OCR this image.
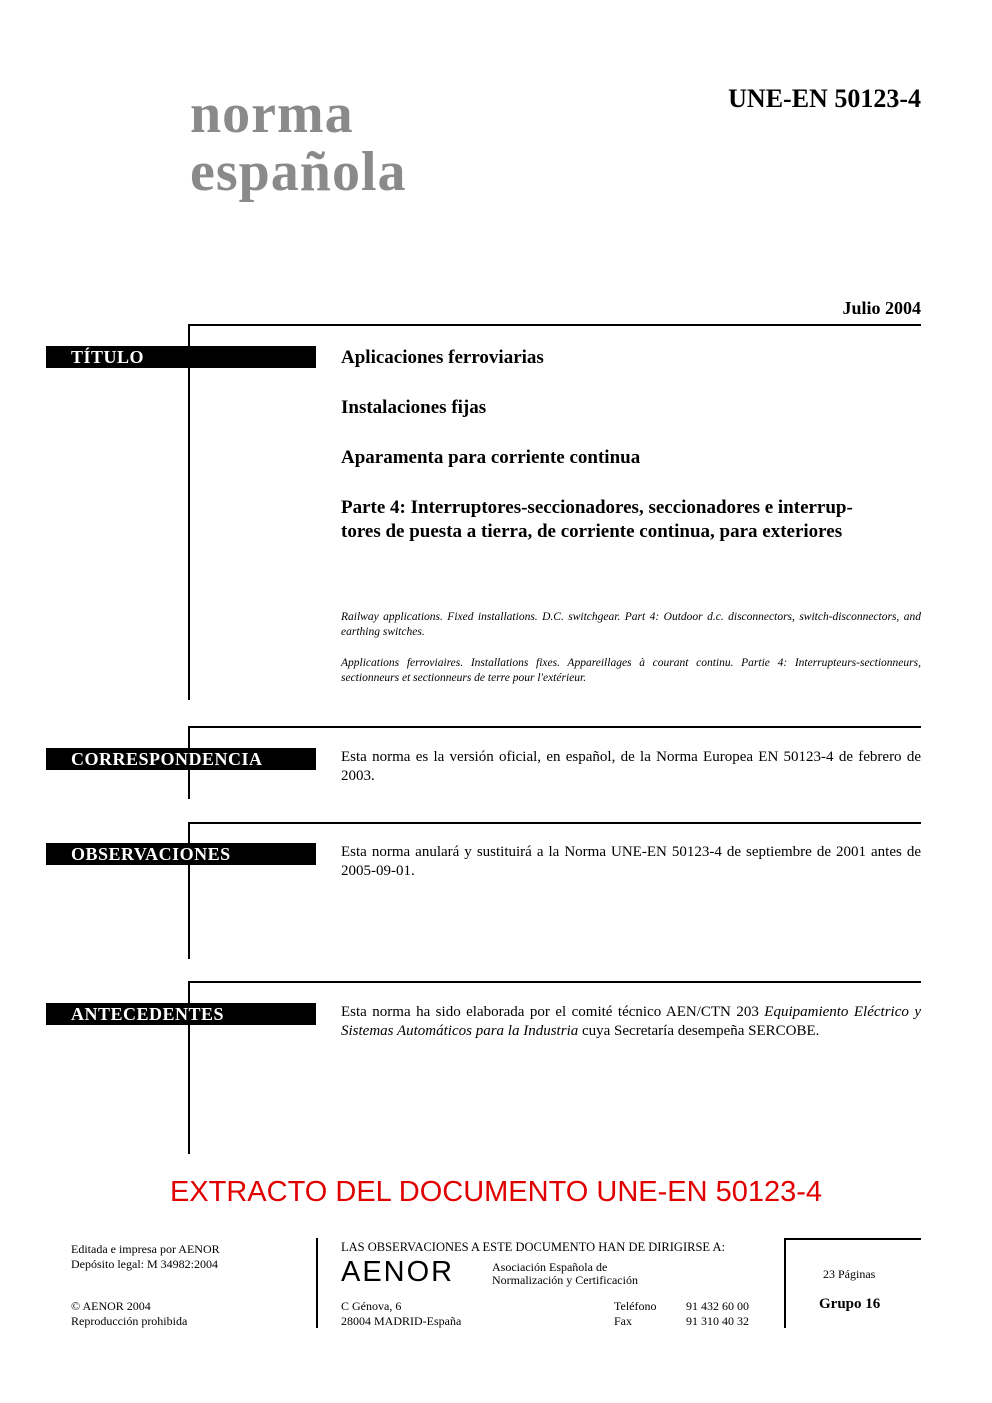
norma
española
UNE-EN 50123-4
Julio 2004
TÍTULO	Aplicaciones ferroviarias
Instalaciones fijas
Aparamenta para corriente continua
Parte 4: Interruptores-seccionadores, seccionadores e interrup-
tores de puesta a tierra, de corriente continua, para exteriores
Railway applications. Fixed installations. D.C. switchgear. Part 4: Outdoor d.c. disconnectors, switch-disconnectors, and earthing switches.
Applications ferroviaires. Installations fixes. Appareillages à courant continu. Partie 4: Interrupteurs-sectionneurs, sectionneurs et sectionneurs de terre pour l'extérieur.
CORRESPONDENCIA	Esta norma es la versión oficial, en español, de la Norma Europea EN 50123-4 de febrero de 2003.
OBSERVACIONES	Esta norma anulará y sustituirá a la Norma UNE-EN 50123-4 de septiembre de 2001 antes de 2005-09-01.
ANTECEDENTES	Esta norma ha sido elaborada por el comité técnico AEN/CTN 203 Equipamiento Eléctrico y Sistemas Automáticos para la Industria cuya Secretaría desempeña SERCOBE.
EXTRACTO DEL DOCUMENTO UNE-EN 50123-4
Editada e impresa por AENOR
Depósito legal: M 34982:2004
© AENOR 2004
Reproducción prohibida
LAS OBSERVACIONES A ESTE DOCUMENTO HAN DE DIRIGIRSE A:
AENOR	Asociación Española de
Normalización y Certificación
C Génova, 6
28004 MADRID-España
Teléfono 91 432 60 00
Fax	91 310 40 32
23 Páginas
Grupo 16
